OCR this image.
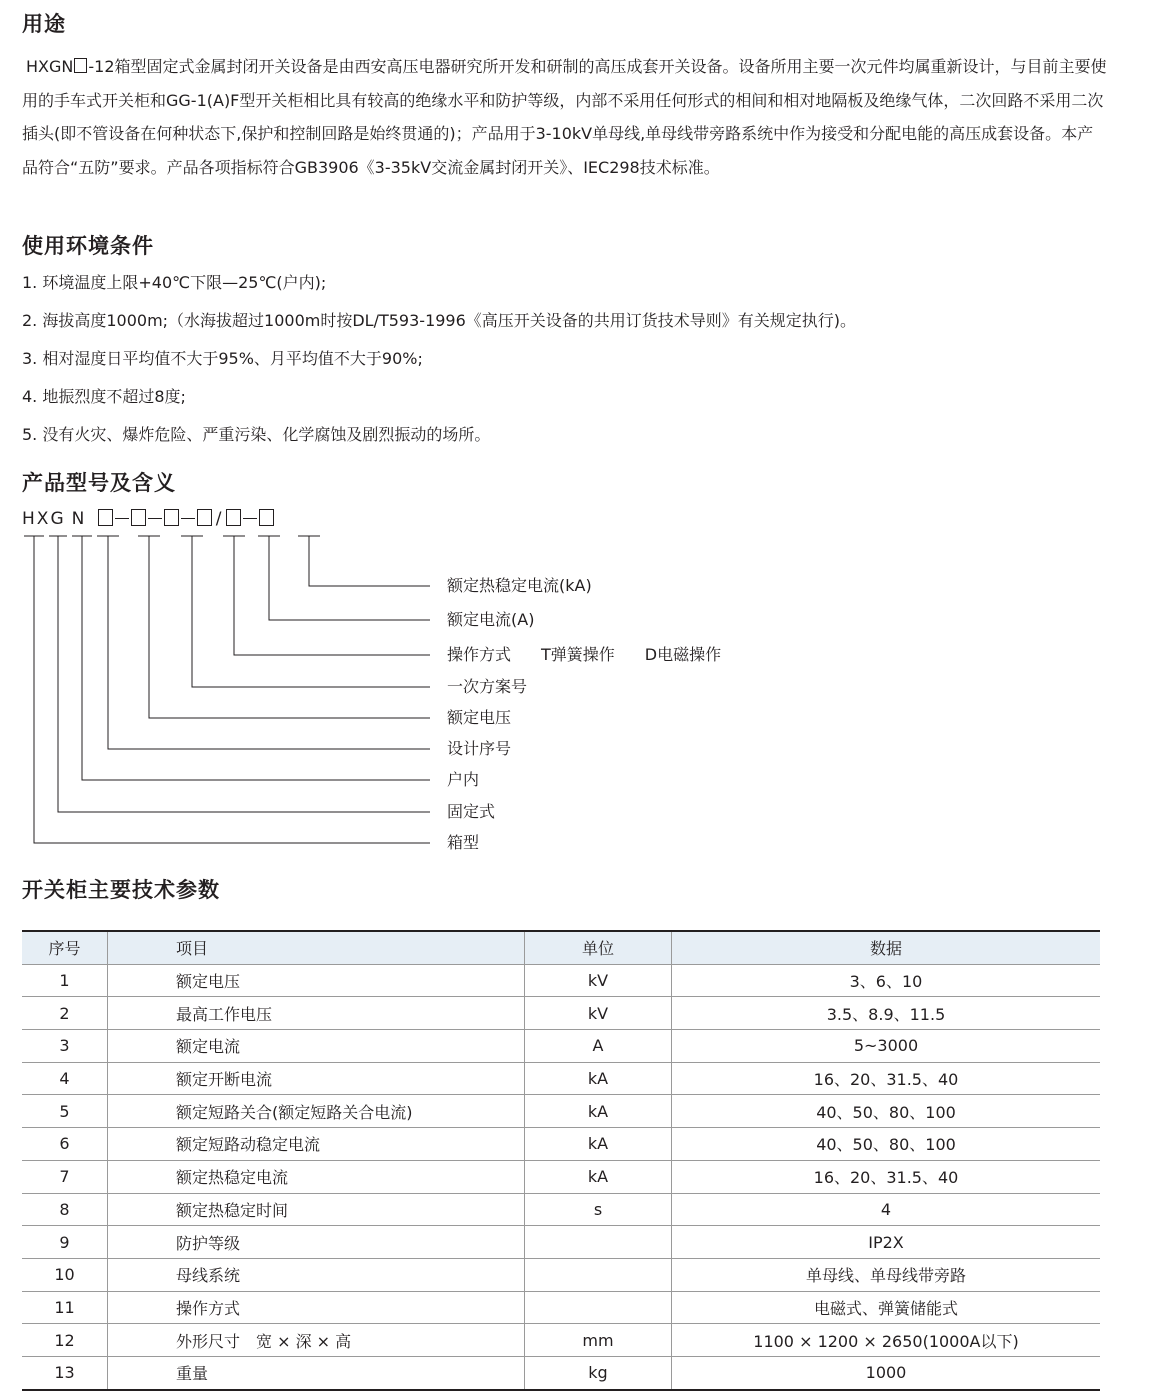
用途

HXGN -12箱型固定式金属封闭开关设备是由西安高压电器研究所开发和研制的高压成套开关设备。设备所用主要一次元件均属重新设计，与目前主要使用的手车式开关柜和GG-1(A)F型开关柜相比具有较高的绝缘水平和防护等级，内部不采用任何形式的相间和相对地隔板及绝缘气体，二次回路不采用二次插头(即不管设备在何种状态下,保护和控制回路是始终贯通的)；产品用于3-10kV单母线,单母线带旁路系统中作为接受和分配电能的高压成套设备。本产品符合“五防”要求。产品各项指标符合GB3906《3-35kV交流金属封闭开关》、IEC298技术标准。

使用环境条件

1. 环境温度上限+40℃下限—25℃(户内);

2. 海拔高度1000m;（水海拔超过1000m时按DL/T593-1996《高压开关设备的共用订货技术导则》有关规定执行)。

3. 相对湿度日平均值不大于95%、月平均值不大于90%;

4. 地振烈度不超过8度;

5. 没有火灾、爆炸危险、严重污染、化学腐蚀及剧烈振动的场所。

产品型号及含义
H X G N	/

额定热稳定电流(kA)

额定电流(A)

操作方式 T弹簧操作 D电磁操作

一次方案号

额定电压

设计序号

户内

固定式

箱型

开关柜主要技术参数
序号	项目	单位	数据
1	额定电压	kV	3、6、10
2	最高工作电压	kV	3.5、8.9、11.5
3	额定电流	A	5~3000
4	额定开断电流	kA	16、20、31.5、40
5	额定短路关合(额定短路关合电流)	kA	40、50、80、100
6	额定短路动稳定电流	kA	40、50、80、100
7	额定热稳定电流	kA	16、20、31.5、40
8	额定热稳定时间	s	4
9	防护等级		IP2X
10	母线系统		单母线、单母线带旁路
11	操作方式		电磁式、弹簧储能式
12	外形尺寸　宽 × 深 × 高	mm	1100 × 1200 × 2650(1000A以下)
13	重量	kg	1000
